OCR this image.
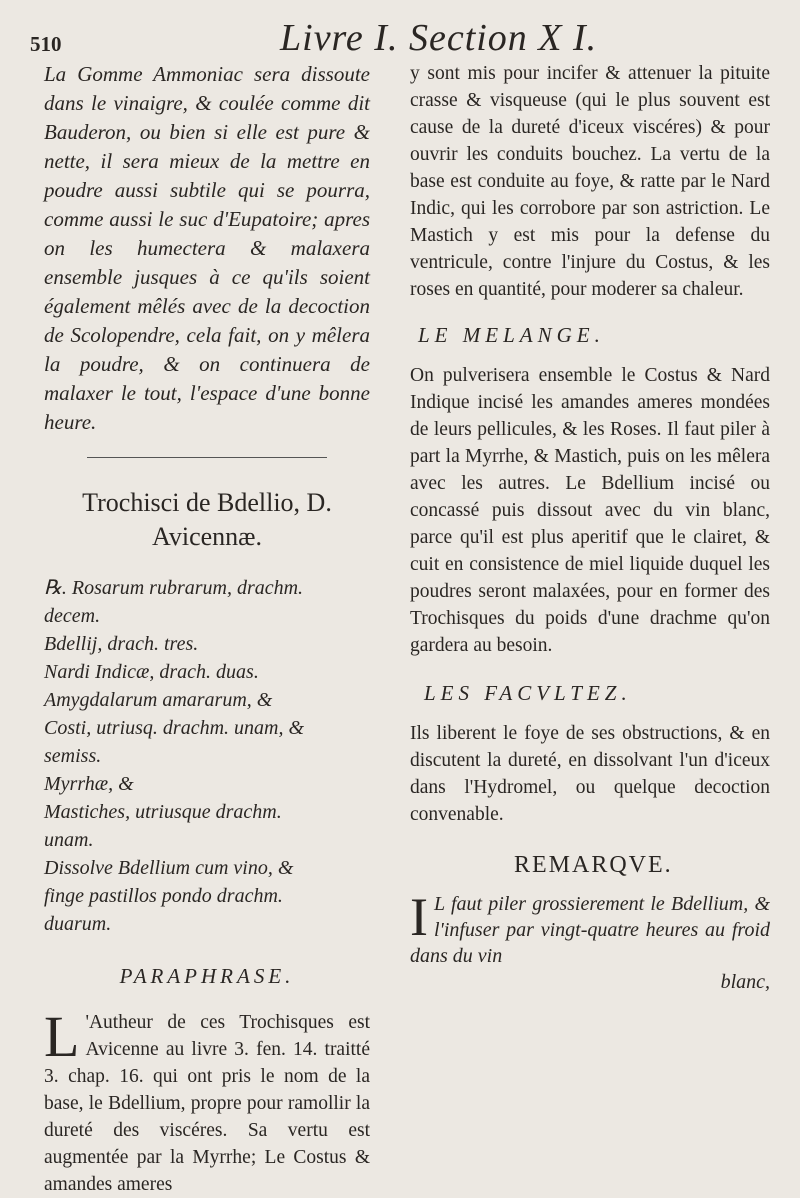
510	Livre I. Section X I.

La Gomme Ammoniac sera dissoute dans le vinaigre, & coulée comme dit Bauderon, ou bien si elle est pure & nette, il sera mieux de la mettre en poudre aussi subtile qui se pourra, comme aussi le suc d'Eupatoire; apres on les humectera & malaxera ensemble jusques à ce qu'ils soient également mêlés avec de la decoction de Scolopendre, cela fait, on y mêlera la poudre, & on continuera de malaxer le tout, l'espace d'une bonne heure.

Trochisci de Bdellio, D.
Avicennæ.
℞. Rosarum rubrarum, drachm.
decem.
Bdellij, drach. tres.
Nardi Indicæ, drach. duas.
Amygdalarum amararum, &
Costi, utriusq. drachm. unam, &
semiss.
Myrrhæ, &
Mastiches, utriusque drachm.
unam.
Dissolve Bdellium cum vino, &
finge pastillos pondo drachm.
duarum.
PARAPHRASE.
L 'Autheur de ces Trochisques est Avicenne au livre 3. fen. 14. traitté 3. chap. 16. qui ont pris le nom de la base, le Bdellium, propre pour ramollir la dureté des viscéres. Sa vertu est augmentée par la Myrrhe; Le Costus & amandes ameres

y sont mis pour incifer & attenuer la pituite crasse & visqueuse (qui le plus souvent est cause de la dureté d'iceux viscéres) & pour ouvrir les conduits bouchez. La vertu de la base est conduite au foye, & ratte par le Nard Indic, qui les corrobore par son astriction. Le Mastich y est mis pour la defense du ventricule, contre l'injure du Costus, & les roses en quantité, pour moderer sa chaleur.

LE MELANGE.

On pulverisera ensemble le Costus & Nard Indique incisé les amandes ameres mondées de leurs pellicules, & les Roses. Il faut piler à part la Myrrhe, & Mastich, puis on les mêlera avec les autres. Le Bdellium incisé ou concassé puis dissout avec du vin blanc, parce qu'il est plus aperitif que le clairet, & cuit en consistence de miel liquide duquel les poudres seront malaxées, pour en former des Trochisques du poids d'une drachme qu'on gardera au besoin.

LES FACVLTEZ.

Ils liberent le foye de ses obstructions, & en discutent la dureté, en dissolvant l'un d'iceux dans l'Hydromel, ou quelque decoction convenable.

REMARQVE.
I L faut piler grossierement le Bdellium, & l'infuser par vingt-quatre heures au froid dans du vin
blanc,
